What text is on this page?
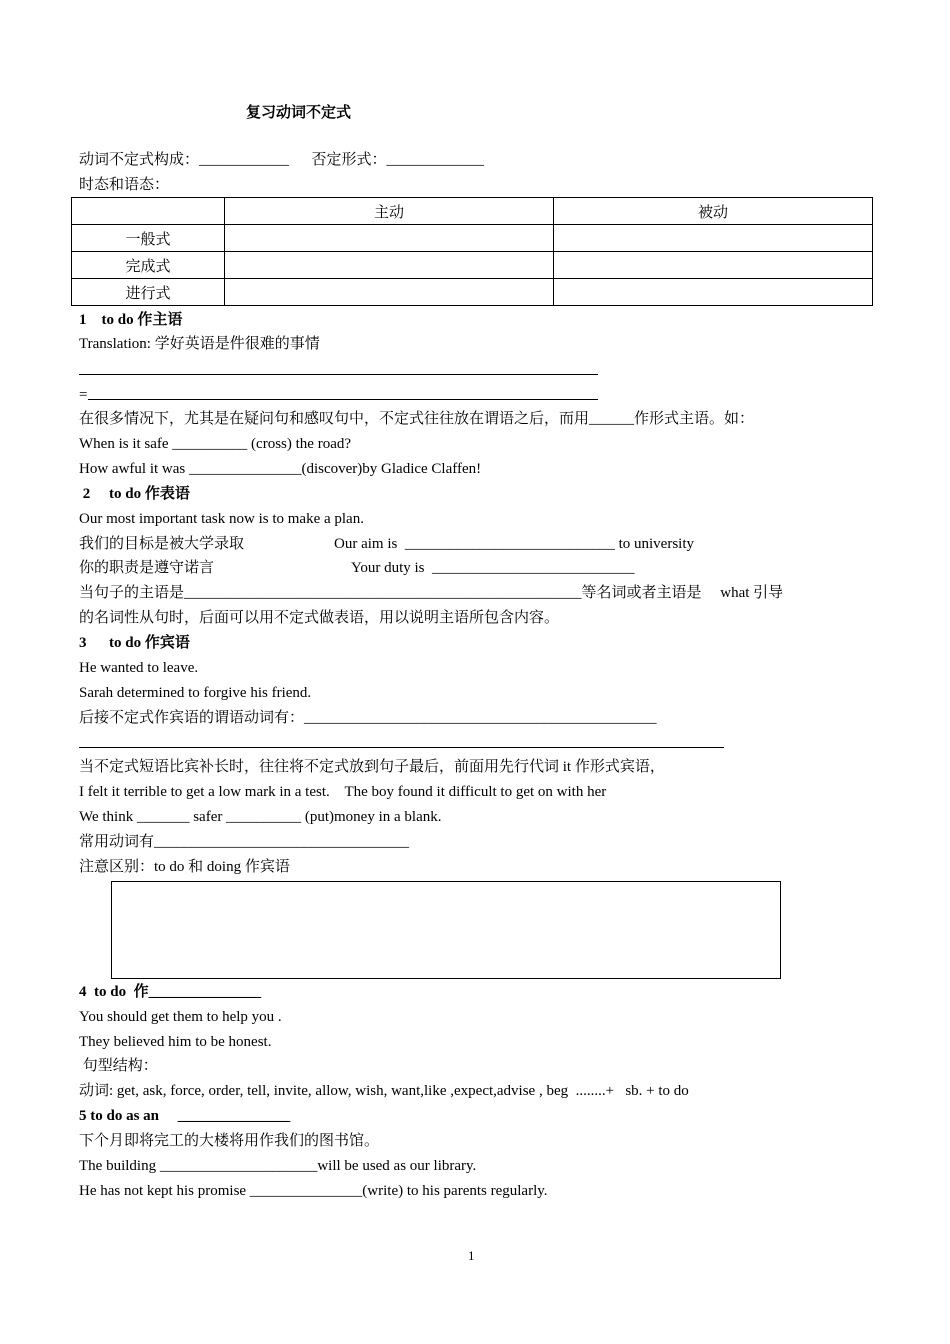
复习动词不定式
动词不定式构成：____________      否定形式：_____________
时态和语态：
	主动	被动
一般式		
完成式		
进行式		
1    to do 作主语
Translation: 学好英语是件很难的事情
=
在很多情况下，尤其是在疑问句和感叹句中，不定式往往放在谓语之后，而用______作形式主语。如：
When is it safe __________ (cross) the road?
How awful it was _______________(discover)by Gladice Claffen!
2     to do 作表语
Our most important task now is to make a plan.
我们的目标是被大学录取	Our aim is  ____________________________ to university
你的职责是遵守诺言	Your duty is  ___________________________
当句子的主语是_____________________________________________________等名词或者主语是     what 引导
的名词性从句时，后面可以用不定式做表语，用以说明主语所包含内容。
3      to do 作宾语
He wanted to leave.
Sarah determined to forgive his friend.
后接不定式作宾语的谓语动词有：_______________________________________________
当不定式短语比宾补长时，往往将不定式放到句子最后，前面用先行代词 it 作形式宾语，
I felt it terrible to get a low mark in a test.    The boy found it difficult to get on with her
We think _______ safer __________ (put)money in a blank.
常用动词有__________________________________
注意区别：to do 和 doing 作宾语
4  to do  作_______________
You should get them to help you .
They believed him to be honest.
句型结构：
动词: get, ask, force, order, tell, invite, allow, wish, want,like ,expect,advise , beg  ........+   sb. + to do
5 to do as an     _______________
下个月即将完工的大楼将用作我们的图书馆。
The building _____________________will be used as our library.
He has not kept his promise _______________(write) to his parents regularly.
1
